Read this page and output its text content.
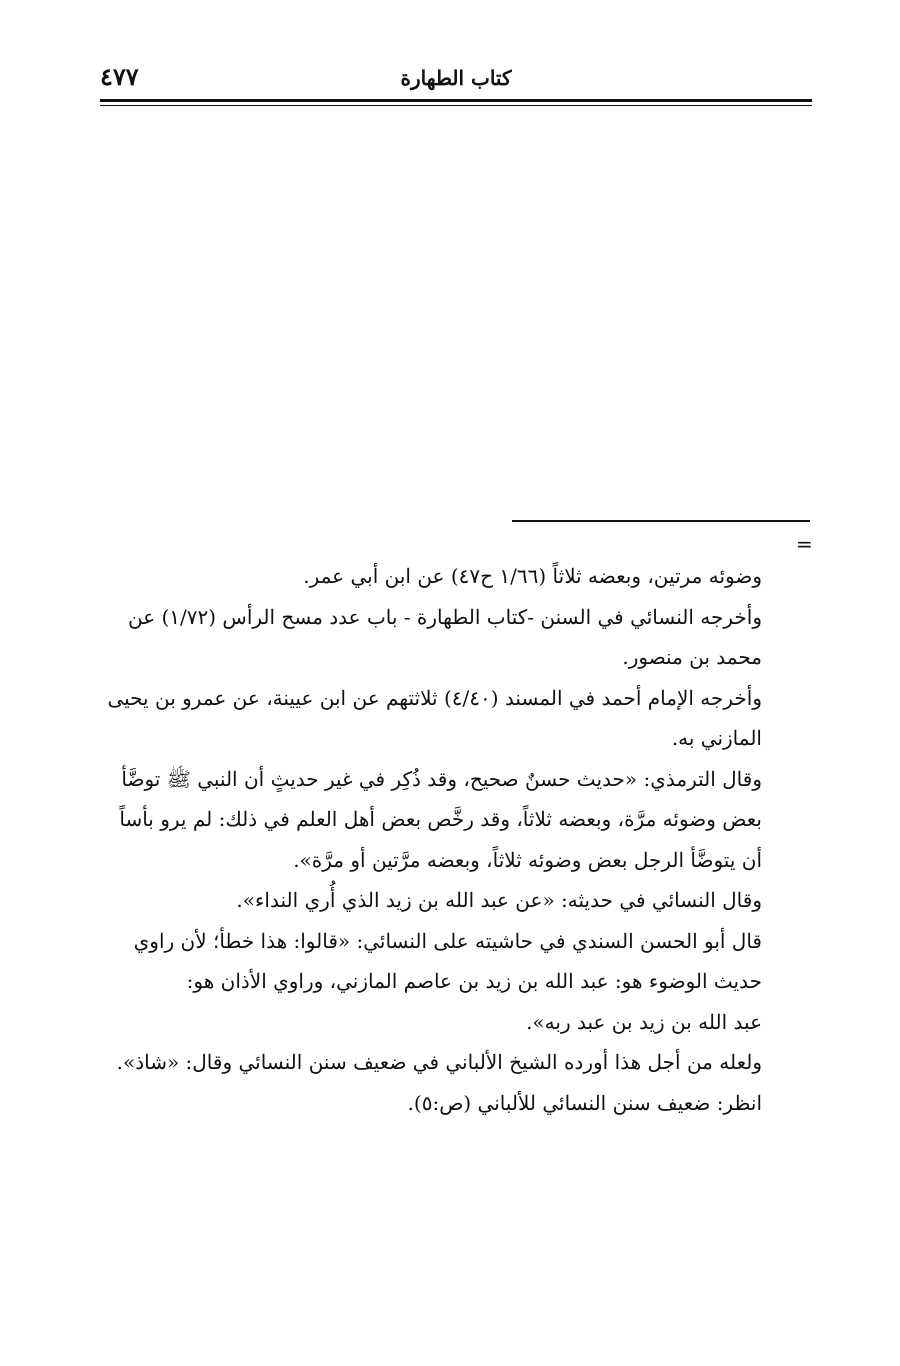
٤٧٧	كتاب الطهارة
=
وضوئه مرتين، وبعضه ثلاثاً (١/٦٦ ح٤٧) عن ابن أبي عمر.
وأخرجه النسائي في السنن -كتاب الطهارة - باب عدد مسح الرأس (١/٧٢) عن
محمد بن منصور.
وأخرجه الإمام أحمد في المسند (٤/٤٠) ثلاثتهم عن ابن عيينة، عن عمرو بن يحيى
المازني به.
وقال الترمذي: «حديث حسنٌ صحيح، وقد ذُكِر في غير حديثٍ أن النبي ﷺ توضَّأ
بعض وضوئه مرَّة، وبعضه ثلاثاً، وقد رخَّص بعض أهل العلم في ذلك: لم يرو بأساً
أن يتوضَّأ الرجل بعض وضوئه ثلاثاً، وبعضه مرَّتين أو مرَّة».
وقال النسائي في حديثه: «عن عبد الله بن زيد الذي أُري النداء».
قال أبو الحسن السندي في حاشيته على النسائي: «قالوا: هذا خطأ؛ لأن راوي
حديث الوضوء هو: عبد الله بن زيد بن عاصم المازني، وراوي الأذان هو:
عبد الله بن زيد بن عبد ربه».
ولعله من أجل هذا أورده الشيخ الألباني في ضعيف سنن النسائي وقال: «شاذ».
انظر: ضعيف سنن النسائي للألباني (ص:٥).
